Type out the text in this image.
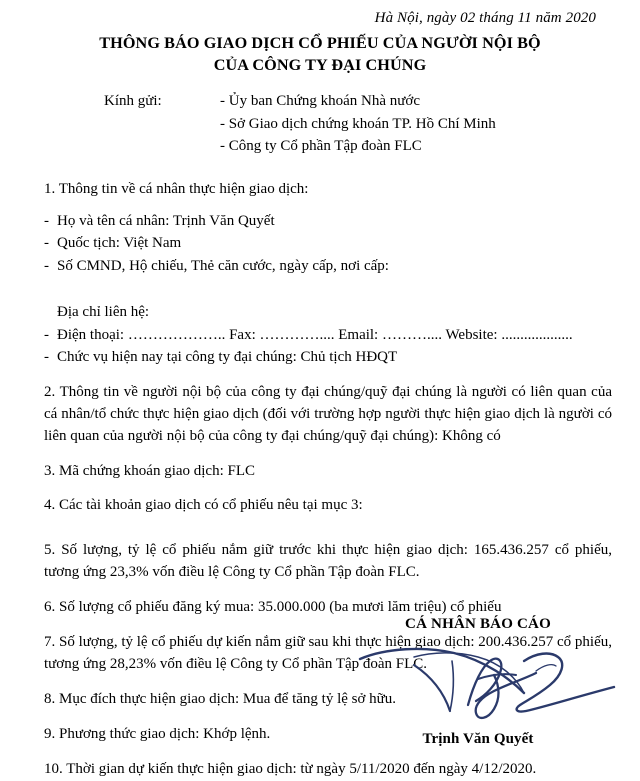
Hà Nội, ngày 02 tháng 11 năm 2020
THÔNG BÁO GIAO DỊCH CỔ PHIẾU CỦA NGƯỜI NỘI BỘ
CỦA CÔNG TY ĐẠI CHÚNG
Kính gửi:	- Ủy ban Chứng khoán Nhà nước
- Sở Giao dịch chứng khoán TP. Hồ Chí Minh
- Công ty Cổ phần Tập đoàn FLC
1. Thông tin về cá nhân thực hiện giao dịch:
- Họ và tên cá nhân: Trịnh Văn Quyết
- Quốc tịch: Việt Nam
- Số CMND, Hộ chiếu, Thẻ căn cước, ngày cấp, nơi cấp:
Địa chỉ liên hệ:
- Điện thoại: ……………….. Fax: ………….... Email: ……….... Website: ...................
- Chức vụ hiện nay tại công ty đại chúng: Chủ tịch HĐQT
2. Thông tin về người nội bộ của công ty đại chúng/quỹ đại chúng là người có liên quan của cá nhân/tổ chức thực hiện giao dịch (đối với trường hợp người thực hiện giao dịch là người có liên quan của người nội bộ của công ty đại chúng/quỹ đại chúng): Không có
3. Mã chứng khoán giao dịch: FLC
4. Các tài khoản giao dịch có cổ phiếu nêu tại mục 3:
5. Số lượng, tỷ lệ cổ phiếu nắm giữ trước khi thực hiện giao dịch: 165.436.257 cổ phiếu, tương ứng 23,3% vốn điều lệ Công ty Cổ phần Tập đoàn FLC.
6. Số lượng cổ phiếu đăng ký mua: 35.000.000 (ba mươi lăm triệu) cổ phiếu
7. Số lượng, tỷ lệ cổ phiếu dự kiến nắm giữ sau khi thực hiện giao dịch: 200.436.257 cổ phiếu, tương ứng 28,23% vốn điều lệ Công ty Cổ phần Tập đoàn FLC.
8. Mục đích thực hiện giao dịch: Mua để tăng tỷ lệ sở hữu.
9. Phương thức giao dịch: Khớp lệnh.
10. Thời gian dự kiến thực hiện giao dịch: từ ngày 5/11/2020 đến ngày 4/12/2020.
CÁ NHÂN BÁO CÁO
Trịnh Văn Quyết
